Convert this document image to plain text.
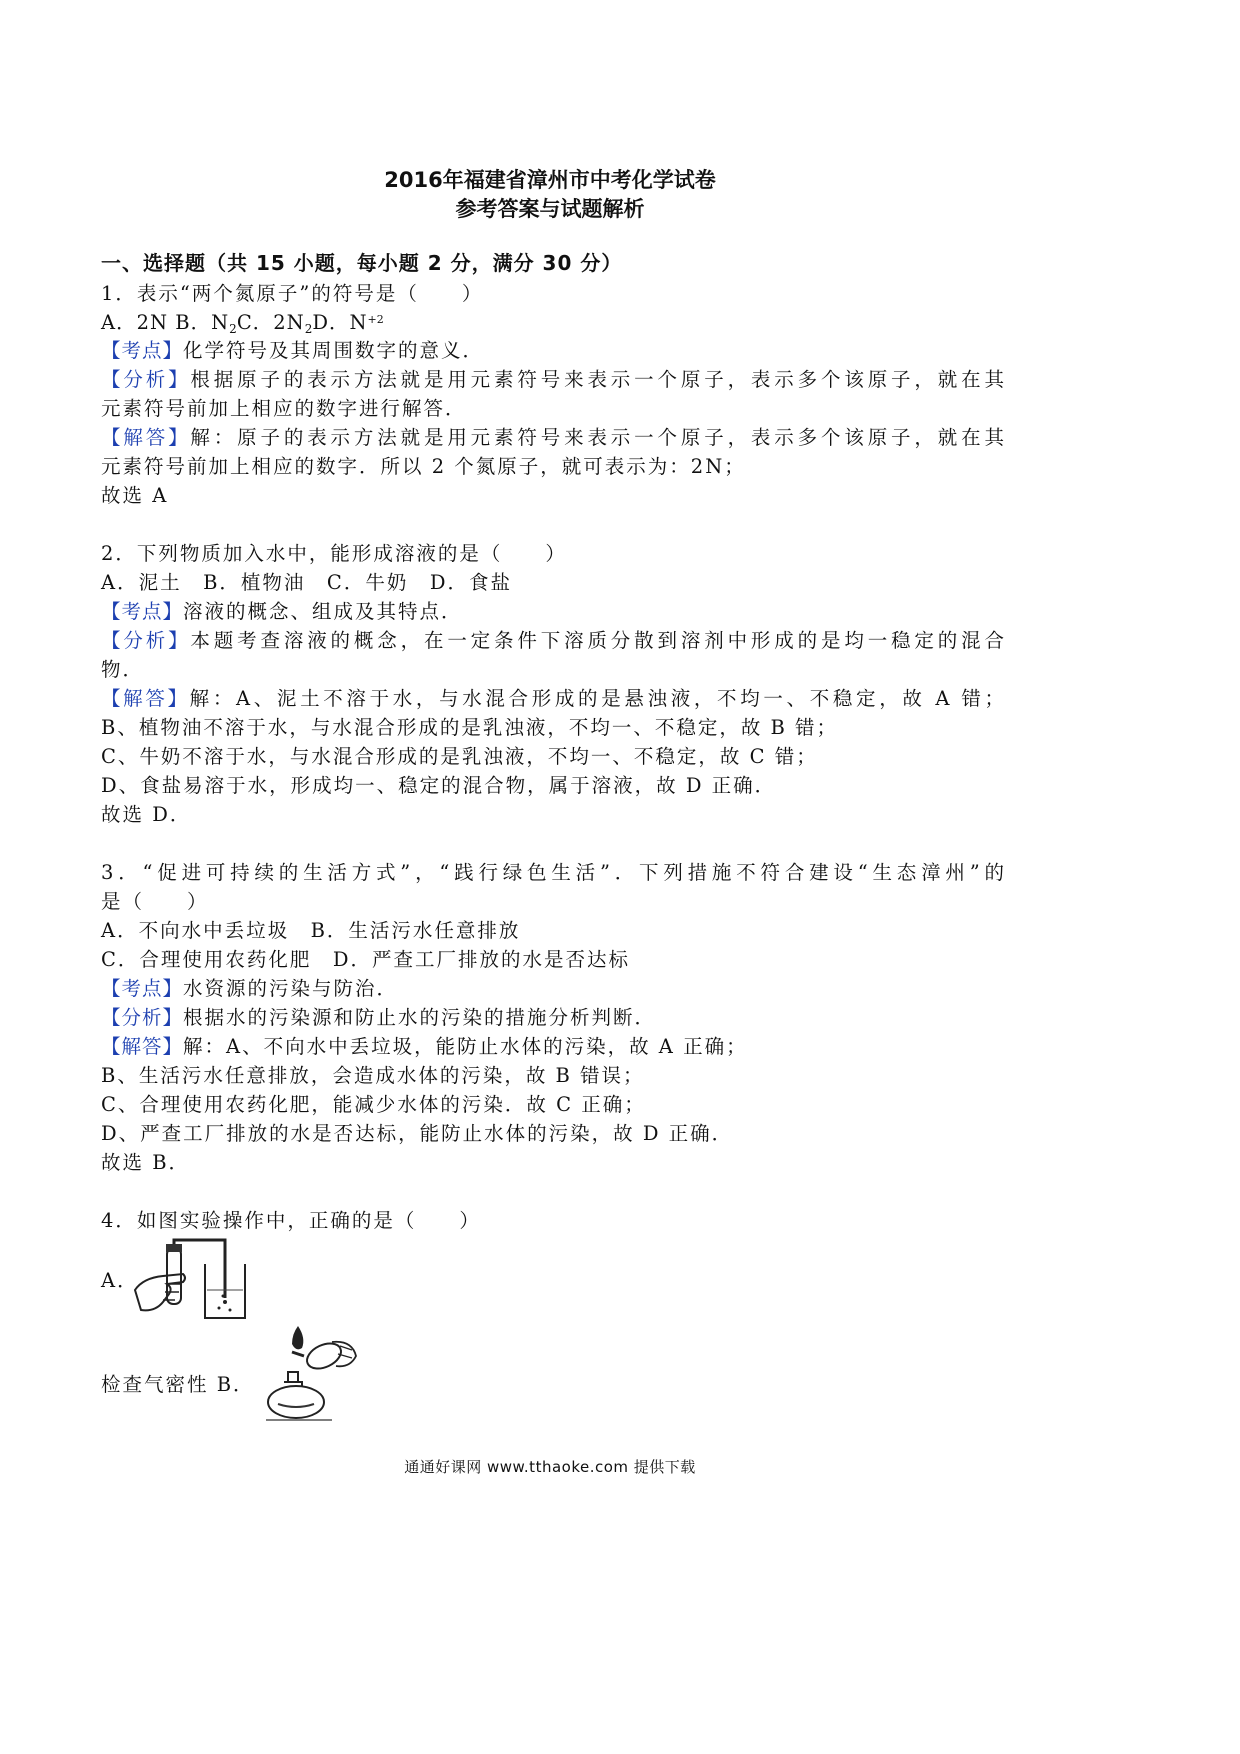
2016年福建省漳州市中考化学试卷
参考答案与试题解析
一、选择题（共 15 小题，每小题 2 分，满分 30 分）
1．表示“两个氮原子”的符号是（　　）
A．2N B．$N_2C$．$2N_2D$．$N^{+2}$
【考点】化学符号及其周围数字的意义．
【分析】根据原子的表示方法就是用元素符号来表示一个原子，表示多个该原子，就在其
元素符号前加上相应的数字进行解答．
【解答】解：原子的表示方法就是用元素符号来表示一个原子，表示多个该原子，就在其
元素符号前加上相应的数字．所以 2 个氮原子，就可表示为：2N；
故选 A
2．下列物质加入水中，能形成溶液的是（　　）
A．泥土　B．植物油　C．牛奶　D．食盐
【考点】溶液的概念、组成及其特点．
【分析】本题考查溶液的概念，在一定条件下溶质分散到溶剂中形成的是均一稳定的混合
物．
【解答】解：A、泥土不溶于水，与水混合形成的是悬浊液，不均一、不稳定，故 A 错；
B、植物油不溶于水，与水混合形成的是乳浊液，不均一、不稳定，故 B 错；
C、牛奶不溶于水，与水混合形成的是乳浊液，不均一、不稳定，故 C 错；
D、食盐易溶于水，形成均一、稳定的混合物，属于溶液，故 D 正确．
故选 D．
3．“促进可持续的生活方式”，“践行绿色生活”．下列措施不符合建设“生态漳州”的
是（　　）
A．不向水中丢垃圾　B．生活污水任意排放
C．合理使用农药化肥　D．严查工厂排放的水是否达标
【考点】水资源的污染与防治．
【分析】根据水的污染源和防止水的污染的措施分析判断．
【解答】解：A、不向水中丢垃圾，能防止水体的污染，故 A 正确；
B、生活污水任意排放，会造成水体的污染，故 B 错误；
C、合理使用农药化肥，能减少水体的污染．故 C 正确；
D、严查工厂排放的水是否达标，能防止水体的污染，故 D 正确．
故选 B．
4．如图实验操作中，正确的是（　　）
A．
检查气密性 B．
通通好课网 www.tthaoke.com 提供下载
